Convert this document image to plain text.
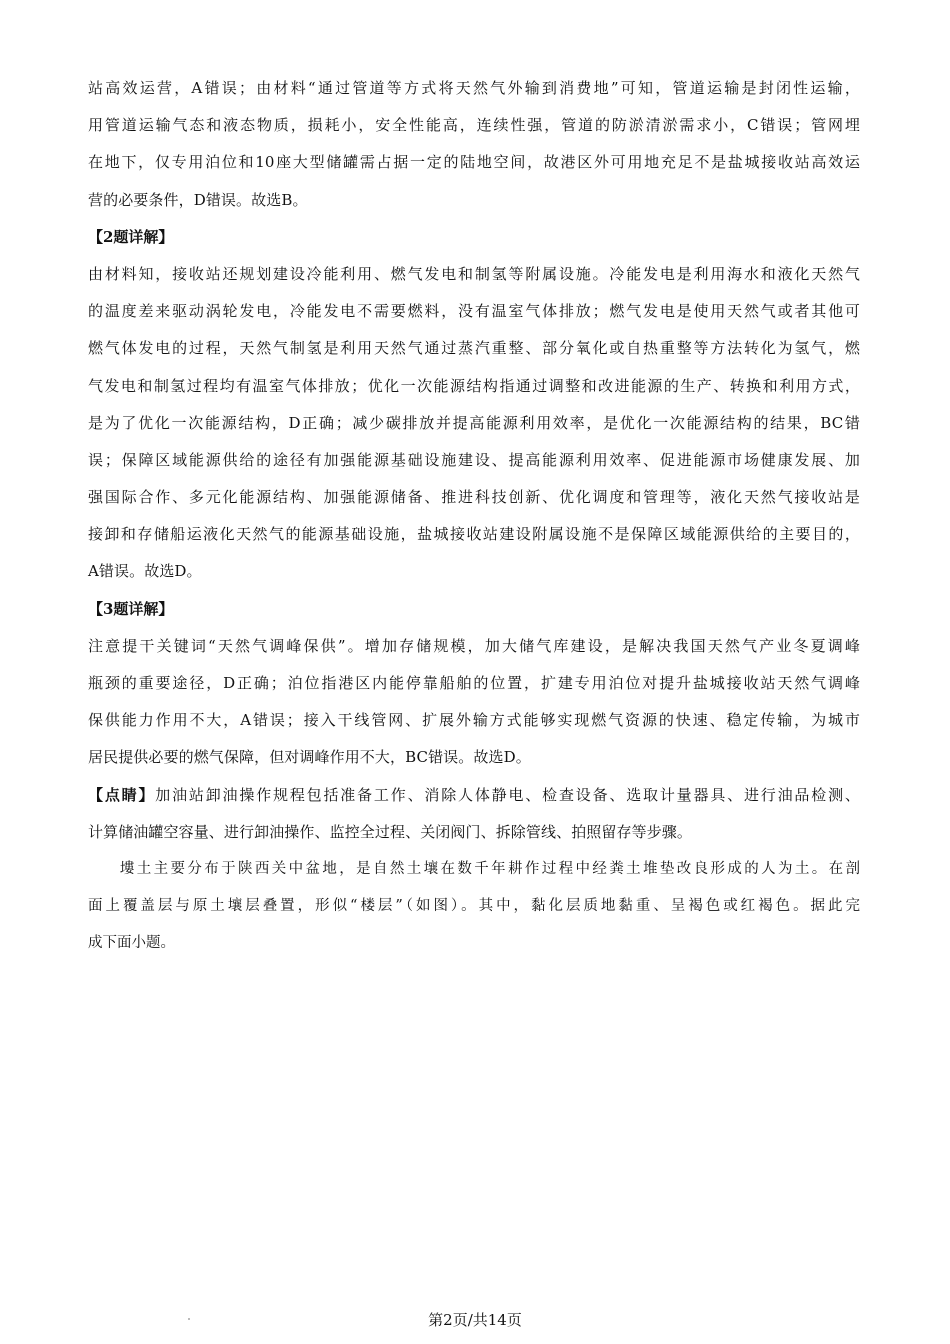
站高效运营，A错误；由材料“通过管道等方式将天然气外输到消费地”可知，管道运输是封闭性运输，
用管道运输气态和液态物质，损耗小，安全性能高，连续性强，管道的防淤清淤需求小，C错误；管网埋
在地下，仅专用泊位和10座大型储罐需占据一定的陆地空间，故港区外可用地充足不是盐城接收站高效运
营的必要条件，D错误。故选B。
【2题详解】
由材料知，接收站还规划建设冷能利用、燃气发电和制氢等附属设施。冷能发电是利用海水和液化天然气
的温度差来驱动涡轮发电，冷能发电不需要燃料，没有温室气体排放；燃气发电是使用天然气或者其他可
燃气体发电的过程，天然气制氢是利用天然气通过蒸汽重整、部分氧化或自热重整等方法转化为氢气，燃
气发电和制氢过程均有温室气体排放；优化一次能源结构指通过调整和改进能源的生产、转换和利用方式，
是为了优化一次能源结构，D正确；减少碳排放并提高能源利用效率，是优化一次能源结构的结果，BC错
误；保障区域能源供给的途径有加强能源基础设施建设、提高能源利用效率、促进能源市场健康发展、加
强国际合作、多元化能源结构、加强能源储备、推进科技创新、优化调度和管理等，液化天然气接收站是
接卸和存储船运液化天然气的能源基础设施，盐城接收站建设附属设施不是保障区域能源供给的主要目的，
A错误。故选D。
【3题详解】
注意提干关键词“天然气调峰保供”。增加存储规模，加大储气库建设，是解决我国天然气产业冬夏调峰
瓶颈的重要途径，D正确；泊位指港区内能停靠船舶的位置，扩建专用泊位对提升盐城接收站天然气调峰
保供能力作用不大，A错误；接入干线管网、扩展外输方式能够实现燃气资源的快速、稳定传输，为城市
居民提供必要的燃气保障，但对调峰作用不大，BC错误。故选D。
【点睛】加油站卸油操作规程包括准备工作、消除人体静电、检查设备、选取计量器具、进行油品检测、
计算储油罐空容量、进行卸油操作、监控全过程、关闭阀门、拆除管线、拍照留存等步骤。
塿土主要分布于陕西关中盆地，是自然土壤在数千年耕作过程中经粪土堆垫改良形成的人为土。在剖
面上覆盖层与原土壤层叠置，形似“楼层”（如图）。其中，黏化层质地黏重、呈褐色或红褐色。据此完
成下面小题。
第2页/共14页
